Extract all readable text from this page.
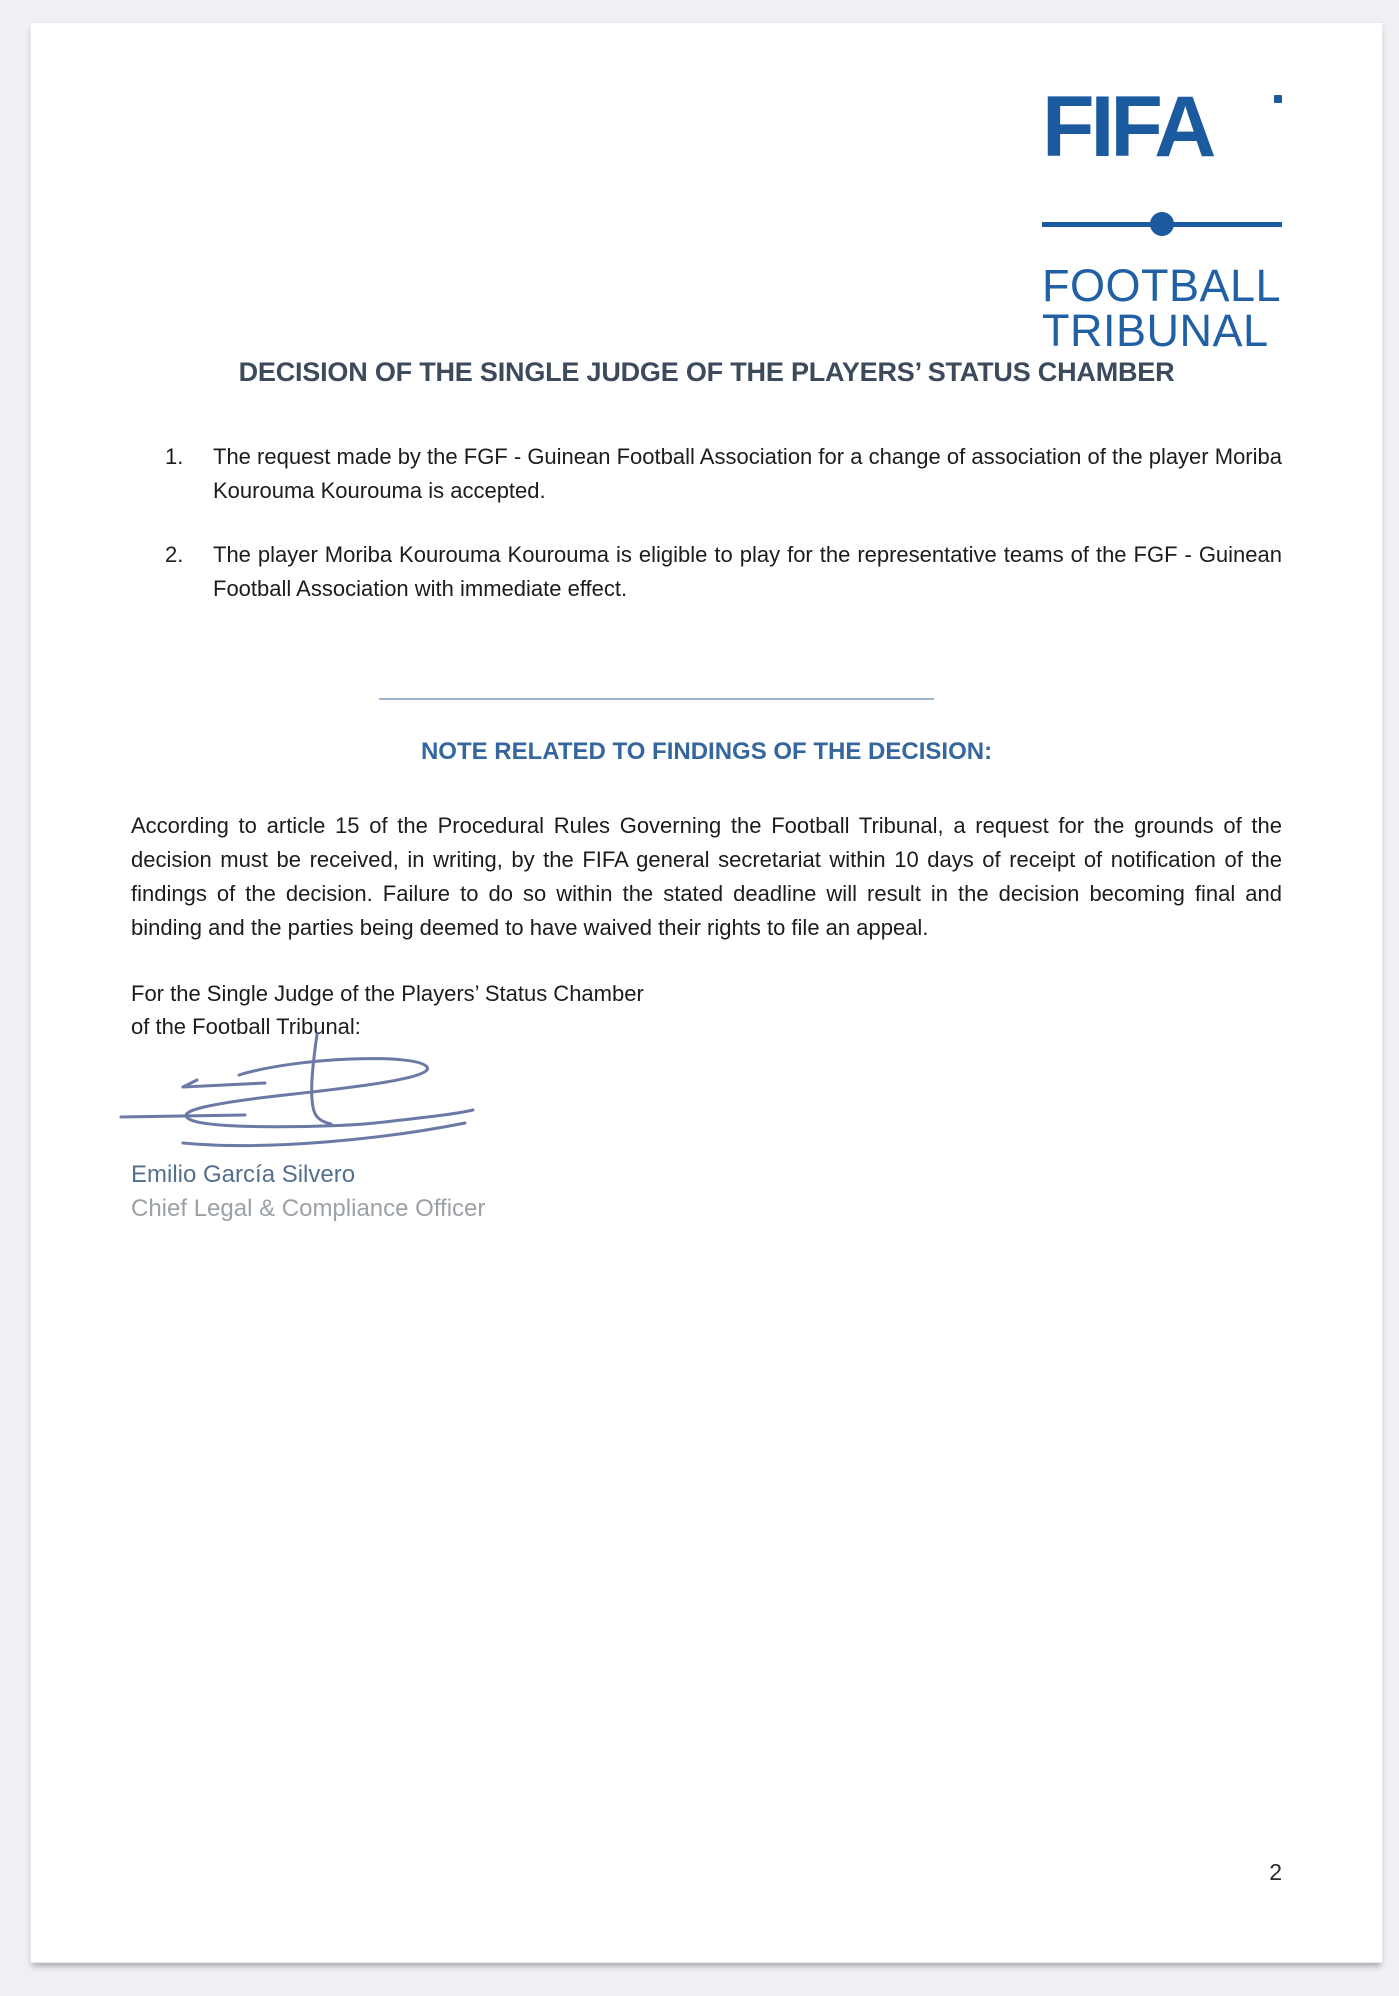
FIFA
FOOTBALL
TRIBUNAL
DECISION OF THE SINGLE JUDGE OF THE PLAYERS’ STATUS CHAMBER
1.	The request made by the FGF - Guinean Football Association for a change of association of the player Moriba Kourouma Kourouma is accepted.
2.	The player Moriba Kourouma Kourouma is eligible to play for the representative teams of the FGF - Guinean Football Association with immediate effect.
NOTE RELATED TO FINDINGS OF THE DECISION:

According to article 15 of the Procedural Rules Governing the Football Tribunal, a request for the grounds of the decision must be received, in writing, by the FIFA general secretariat within 10 days of receipt of notification of the findings of the decision. Failure to do so within the stated deadline will result in the decision becoming final and binding and the parties being deemed to have waived their rights to file an appeal.

For the Single Judge of the Players’ Status Chamber
of the Football Tribunal:
Emilio García Silvero
Chief Legal & Compliance Officer
2
